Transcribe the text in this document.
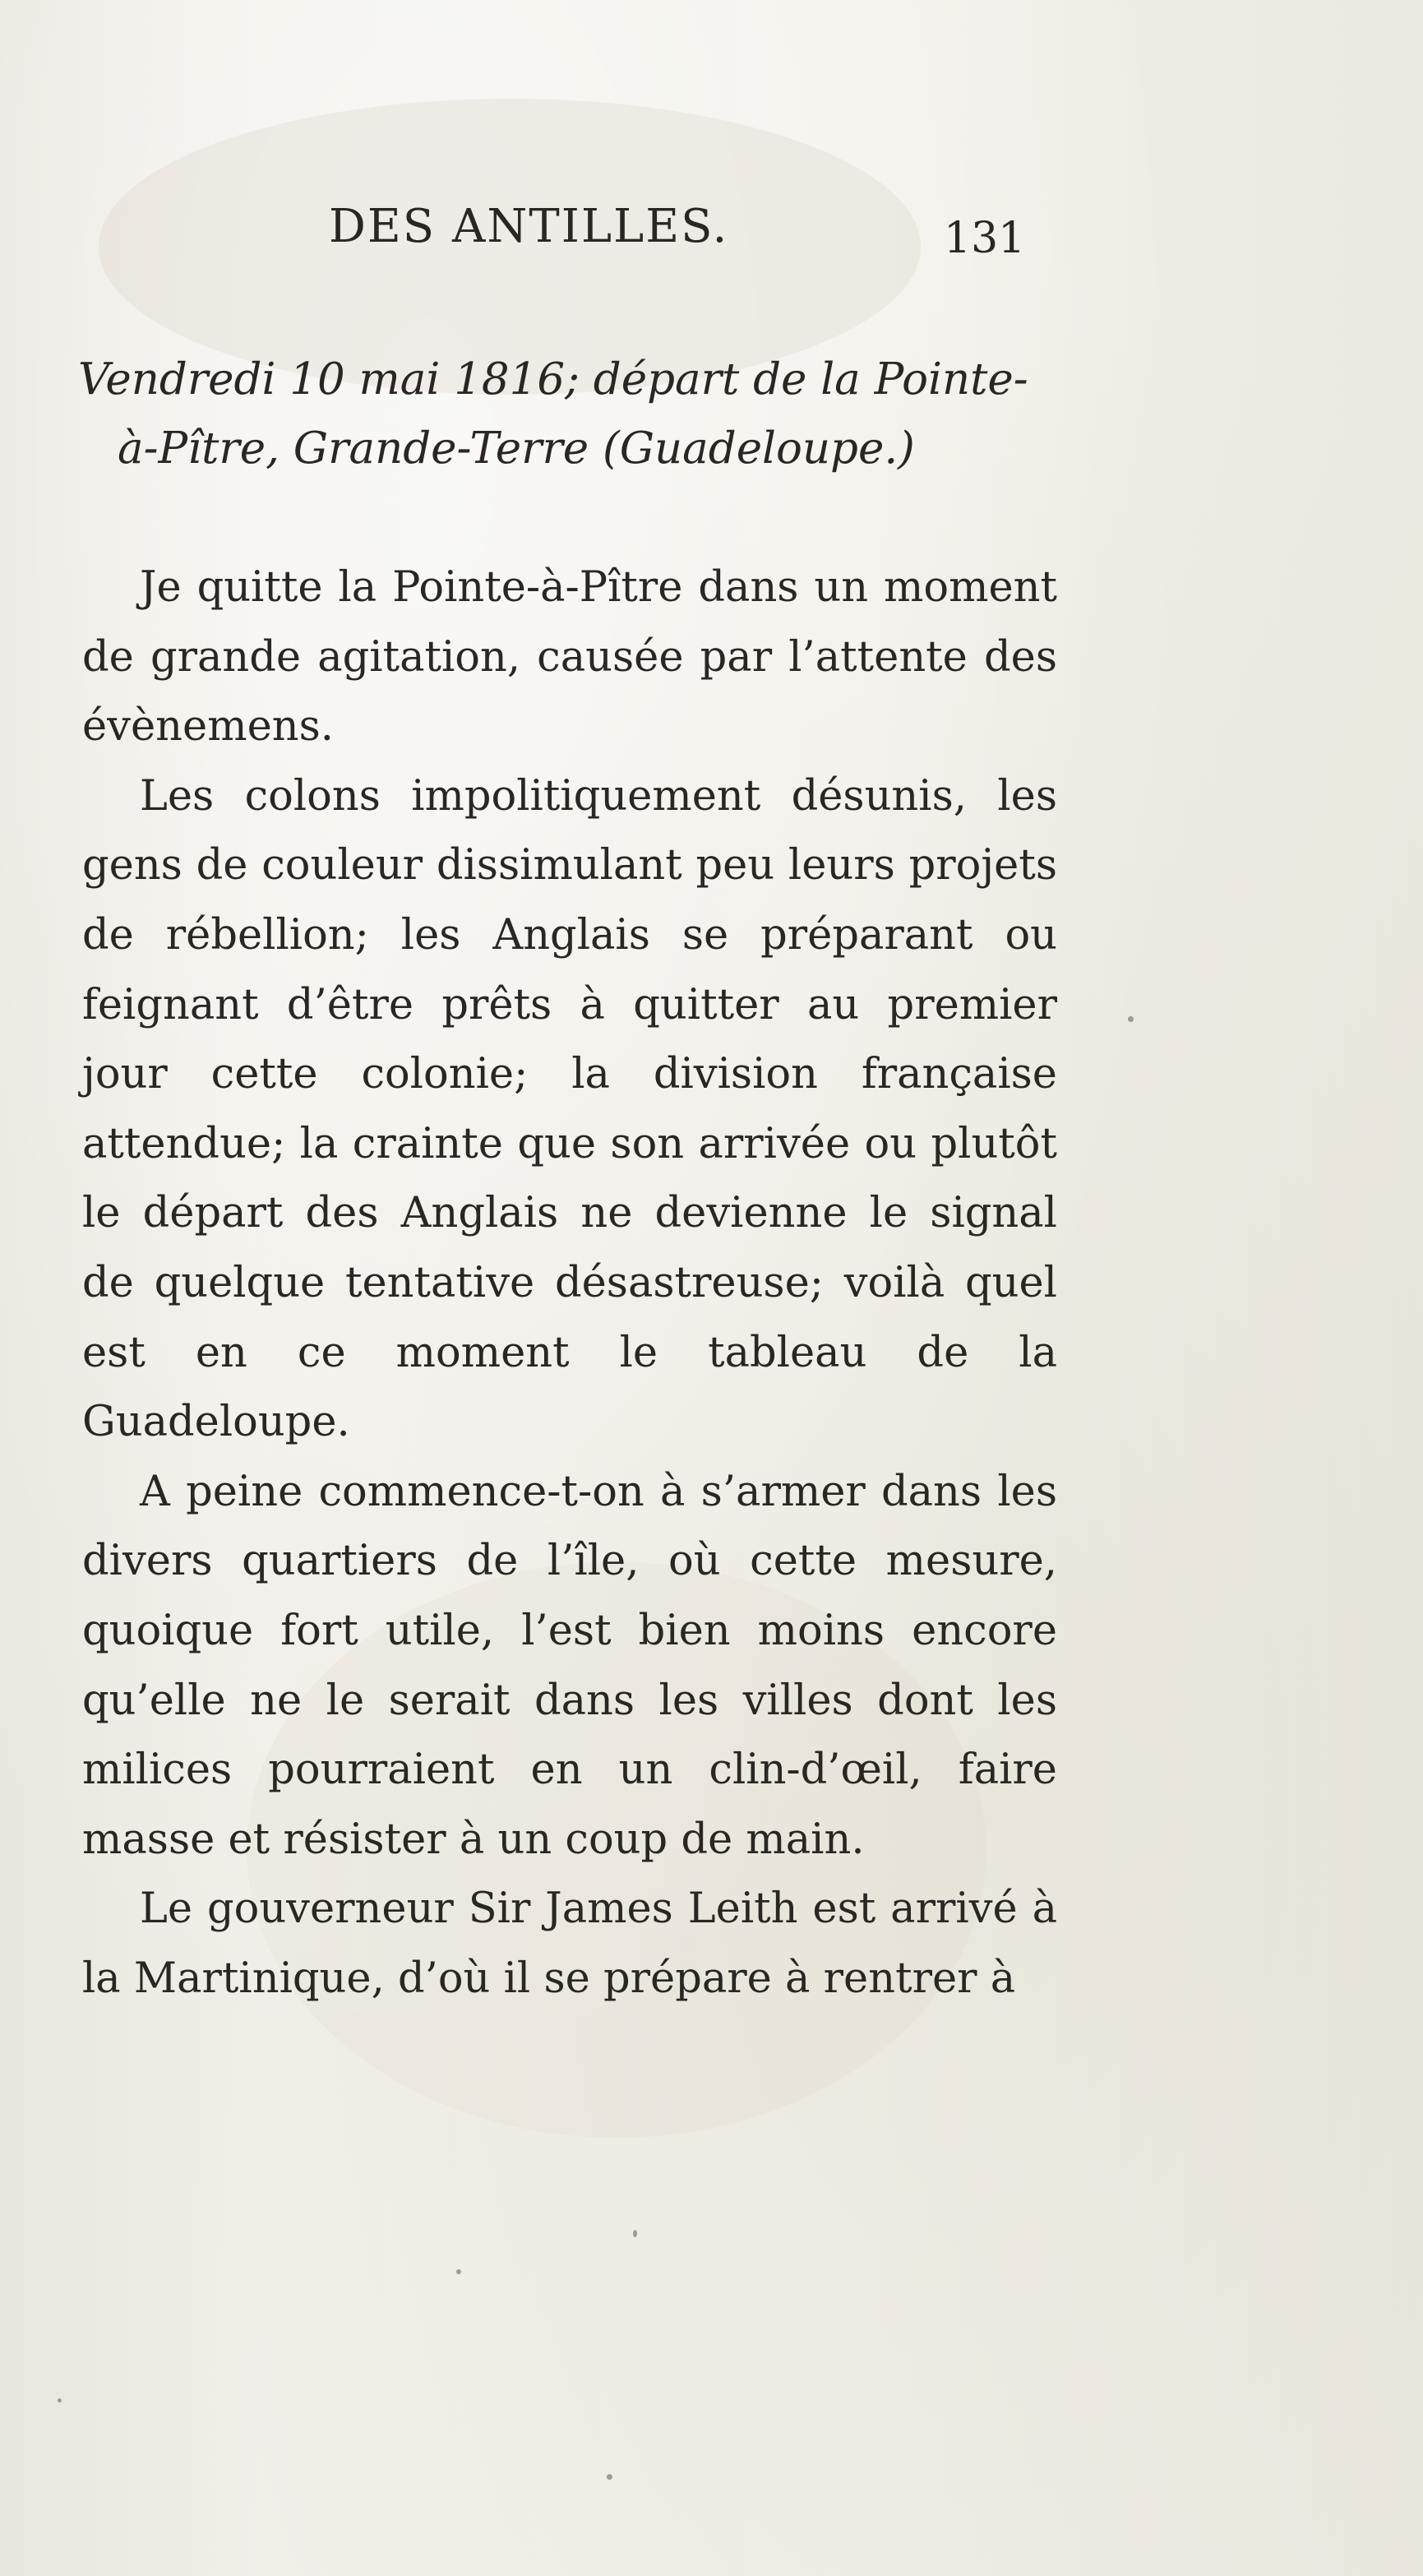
DES ANTILLES.	131
Vendredi 10 mai 1816; départ de la Pointe-
à-Pître, Grande-Terre (Guadeloupe.)

Je quitte la Pointe-à-Pître dans un moment de grande agitation, causée par l’attente des évènemens.

Les colons impolitiquement désunis, les gens de couleur dissimulant peu leurs projets de rébellion; les Anglais se préparant ou feignant d’être prêts à quitter au premier jour cette colonie; la division française attendue; la crainte que son arrivée ou plutôt le départ des Anglais ne devienne le signal de quelque tentative désastreuse; voilà quel est en ce moment le tableau de la Guadeloupe.

A peine commence-t-on à s’armer dans les divers quartiers de l’île, où cette mesure, quoique fort utile, l’est bien moins encore qu’elle ne le serait dans les villes dont les milices pourraient en un clin-d’œil, faire masse et résister à un coup de main.

Le gouverneur Sir James Leith est arrivé à la Martinique, d’où il se prépare à rentrer à
